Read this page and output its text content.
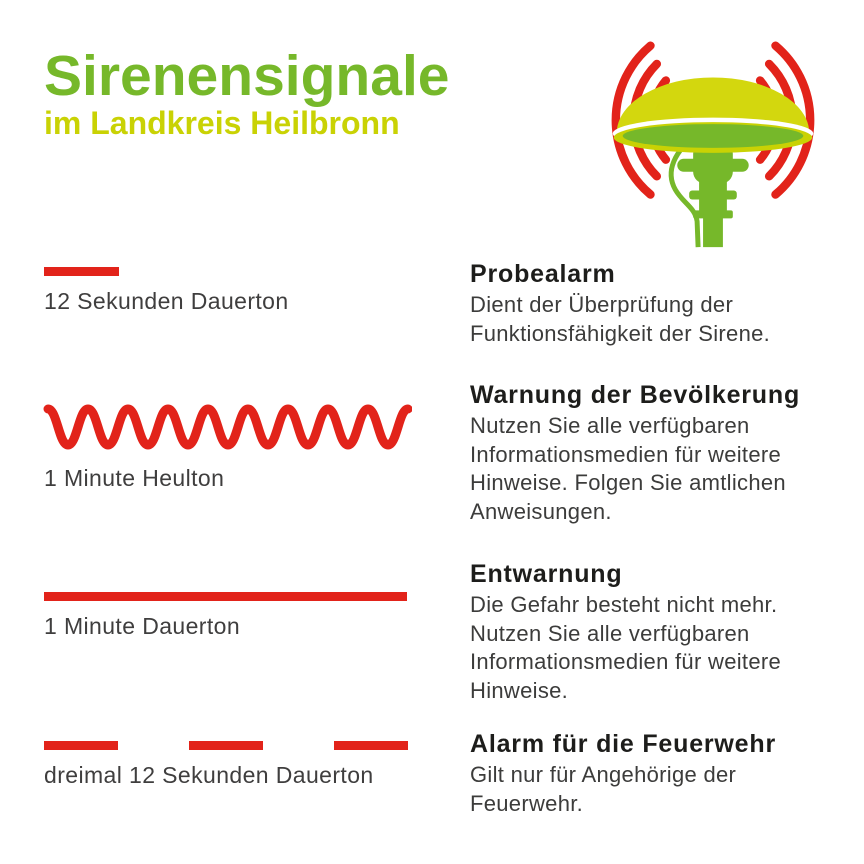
Sirenensignale
im Landkreis Heilbronn
12 Sekunden Dauerton

Probealarm

Dient der Überprüfung der
Funktionsfähigkeit der Sirene.

1 Minute Heulton

Warnung der Bevölkerung

Nutzen Sie alle verfügbaren
Informationsmedien für weitere
Hinweise. Folgen Sie amtlichen
Anweisungen.

1 Minute Dauerton

Entwarnung

Die Gefahr besteht nicht mehr.
Nutzen Sie alle verfügbaren
Informationsmedien für weitere
Hinweise.

dreimal 12 Sekunden Dauerton

Alarm für die Feuerwehr

Gilt nur für Angehörige der
Feuerwehr.
